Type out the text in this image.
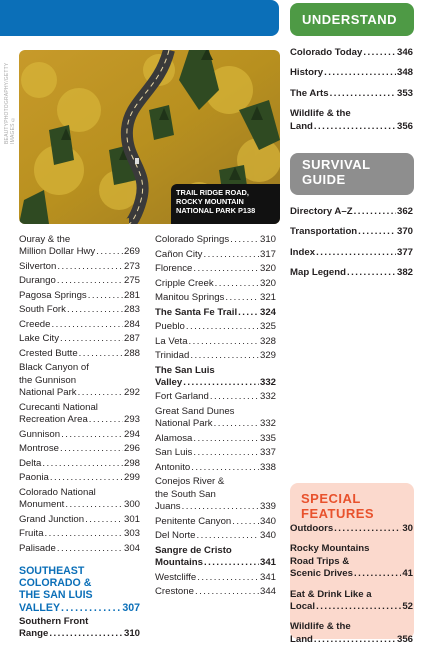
BEAUTYPHOTOGRAPHY/GETTY IMAGES ©
TRAIL RIDGE ROAD, ROCKY MOUNTAIN NATIONAL PARK P138
Ouray & the
Million Dollar Hwy . . .	269
Silverton . . .	273
Durango . . .	275
Pagosa Springs . . .	281
South Fork . . .	283
Creede . . .	284
Lake City . . .	287
Crested Butte . . .	288
Black Canyon of
the Gunnison
National Park . . .	292
Curecanti National
Recreation Area . . .	293
Gunnison . . .	294
Montrose . . .	296
Delta . . .	298
Paonia . . .	299
Colorado National
Monument . . .	300
Grand Junction . . .	301
Fruita . . .	303
Palisade . . .	304
SOUTHEAST
COLORADO &
THE SAN LUIS
VALLEY . . .	307
Southern Front
Range . . .	310
Colorado Springs . . .	310
Cañon City . . .	317
Florence . . .	320
Cripple Creek . . .	320
Manitou Springs . . .	321
The Santa Fe Trail . . . 324
Pueblo . . .	325
La Veta . . .	328
Trinidad . . .	329
The San Luis
Valley . . .	332
Fort Garland . . .	332
Great Sand Dunes
National Park . . .	332
Alamosa . . .	335
San Luis . . .	337
Antonito . . .	338
Conejos River &
the South San
Juans . . .	339
Penitente Canyon . . .	340
Del Norte . . .	340
Sangre de Cristo
Mountains . . .	341
Westcliffe . . .	341
Crestone . . .	344
UNDERSTAND
Colorado Today . . .	346
History . . .	348
The Arts . . .	353
Wildlife & the
Land . . .	356
SURVIVAL
GUIDE
Directory A–Z . . .	362
Transportation . . .	370
Index . . .	377
Map Legend . . .	382
SPECIAL
FEATURES
Outdoors . . .	30
Rocky Mountains
Road Trips &
Scenic Drives . . .	41
Eat & Drink Like a
Local . . .	52
Wildlife & the
Land . . .	356
